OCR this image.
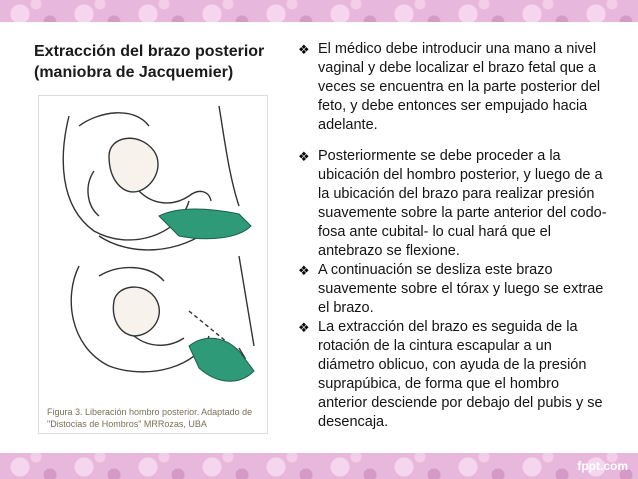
Extracción del brazo posterior (maniobra de Jacquemier)
Figura 3. Liberación hombro posterior. Adaptado de "Distocias de Hombros" MRRozas, UBA
❖ El médico debe introducir una mano a nivel vaginal y debe localizar el brazo fetal que a veces se encuentra en la parte posterior del feto, y debe entonces ser empujado hacia adelante.
❖ Posteriormente se debe proceder a la ubicación del hombro posterior, y luego de a la ubicación del brazo para realizar presión suavemente sobre la parte anterior del codo- fosa ante cubital- lo cual hará que el antebrazo se flexione.
❖ A continuación se desliza este brazo suavemente sobre el tórax y luego se extrae el brazo.
❖ La extracción del brazo es seguida de la rotación de la cintura escapular a un diámetro oblicuo, con ayuda de la presión suprapúbica, de forma que el hombro anterior desciende por debajo del pubis y se desencaja.
fppt.com
